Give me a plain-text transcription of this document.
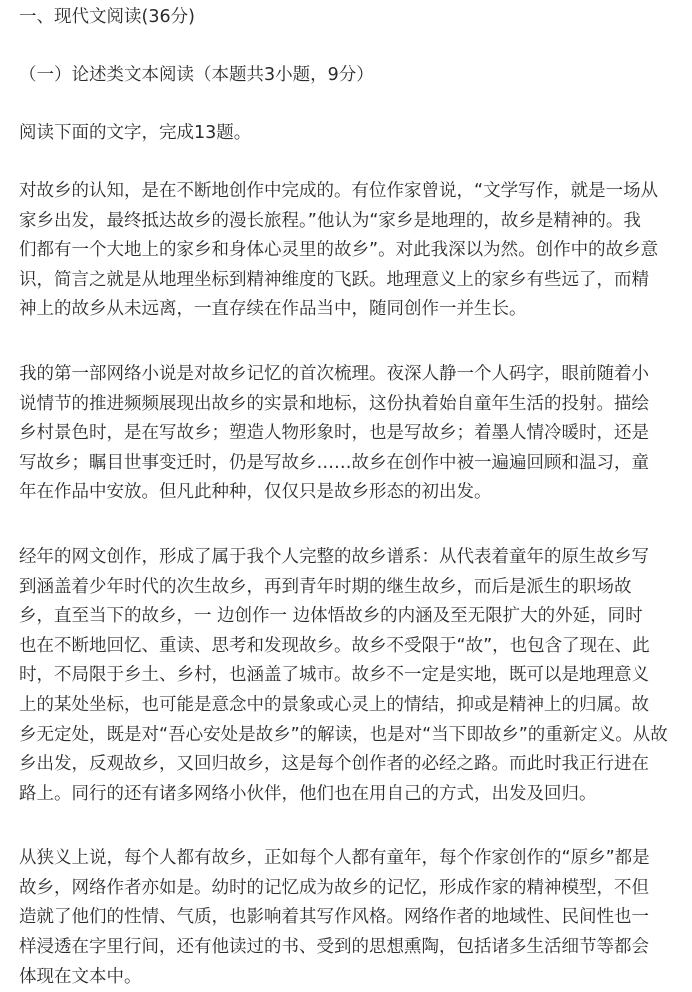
一、现代文阅读(36分)

（一）论述类文本阅读（本题共3小题，9分）

阅读下面的文字，完成13题。

对故乡的认知，是在不断地创作中完成的。有位作家曾说，“文学写作，就是一场从

家乡出发，最终抵达故乡的漫长旅程。”他认为“家乡是地理的，故乡是精神的。我

们都有一个大地上的家乡和身体心灵里的故乡”。对此我深以为然。创作中的故乡意

识，简言之就是从地理坐标到精神维度的飞跃。地理意义上的家乡有些远了，而精

神上的故乡从未远离，一直存续在作品当中，随同创作一并生长。

我的第一部网络小说是对故乡记忆的首次梳理。夜深人静一个人码字，眼前随着小

说情节的推进频频展现出故乡的实景和地标，这份执着始自童年生活的投射。描绘

乡村景色时，是在写故乡；塑造人物形象时，也是写故乡；着墨人情冷暖时，还是

写故乡；瞩目世事变迁时，仍是写故乡……故乡在创作中被一遍遍回顾和温习，童

年在作品中安放。但凡此种种，仅仅只是故乡形态的初出发。

经年的网文创作，形成了属于我个人完整的故乡谱系：从代表着童年的原生故乡写

到涵盖着少年时代的次生故乡，再到青年时期的继生故乡，而后是派生的职场故

乡，直至当下的故乡，一 边创作一 边体悟故乡的内涵及至无限扩大的外延，同时

也在不断地回忆、重读、思考和发现故乡。故乡不受限于“故”，也包含了现在、此

时，不局限于乡土、乡村，也涵盖了城市。故乡不一定是实地，既可以是地理意义

上的某处坐标，也可能是意念中的景象或心灵上的情结，抑或是精神上的归属。故

乡无定处，既是对“吾心安处是故乡”的解读，也是对“当下即故乡”的重新定义。从故

乡出发，反观故乡，又回归故乡，这是每个创作者的必经之路。而此时我正行进在

路上。同行的还有诸多网络小伙伴，他们也在用自己的方式，出发及回归。

从狭义上说，每个人都有故乡，正如每个人都有童年，每个作家创作的“原乡”都是

故乡，网络作者亦如是。幼时的记忆成为故乡的记忆，形成作家的精神模型，不但

造就了他们的性情、气质，也影响着其写作风格。网络作者的地域性、民间性也一

样浸透在字里行间，还有他读过的书、受到的思想熏陶，包括诸多生活细节等都会

体现在文本中。
